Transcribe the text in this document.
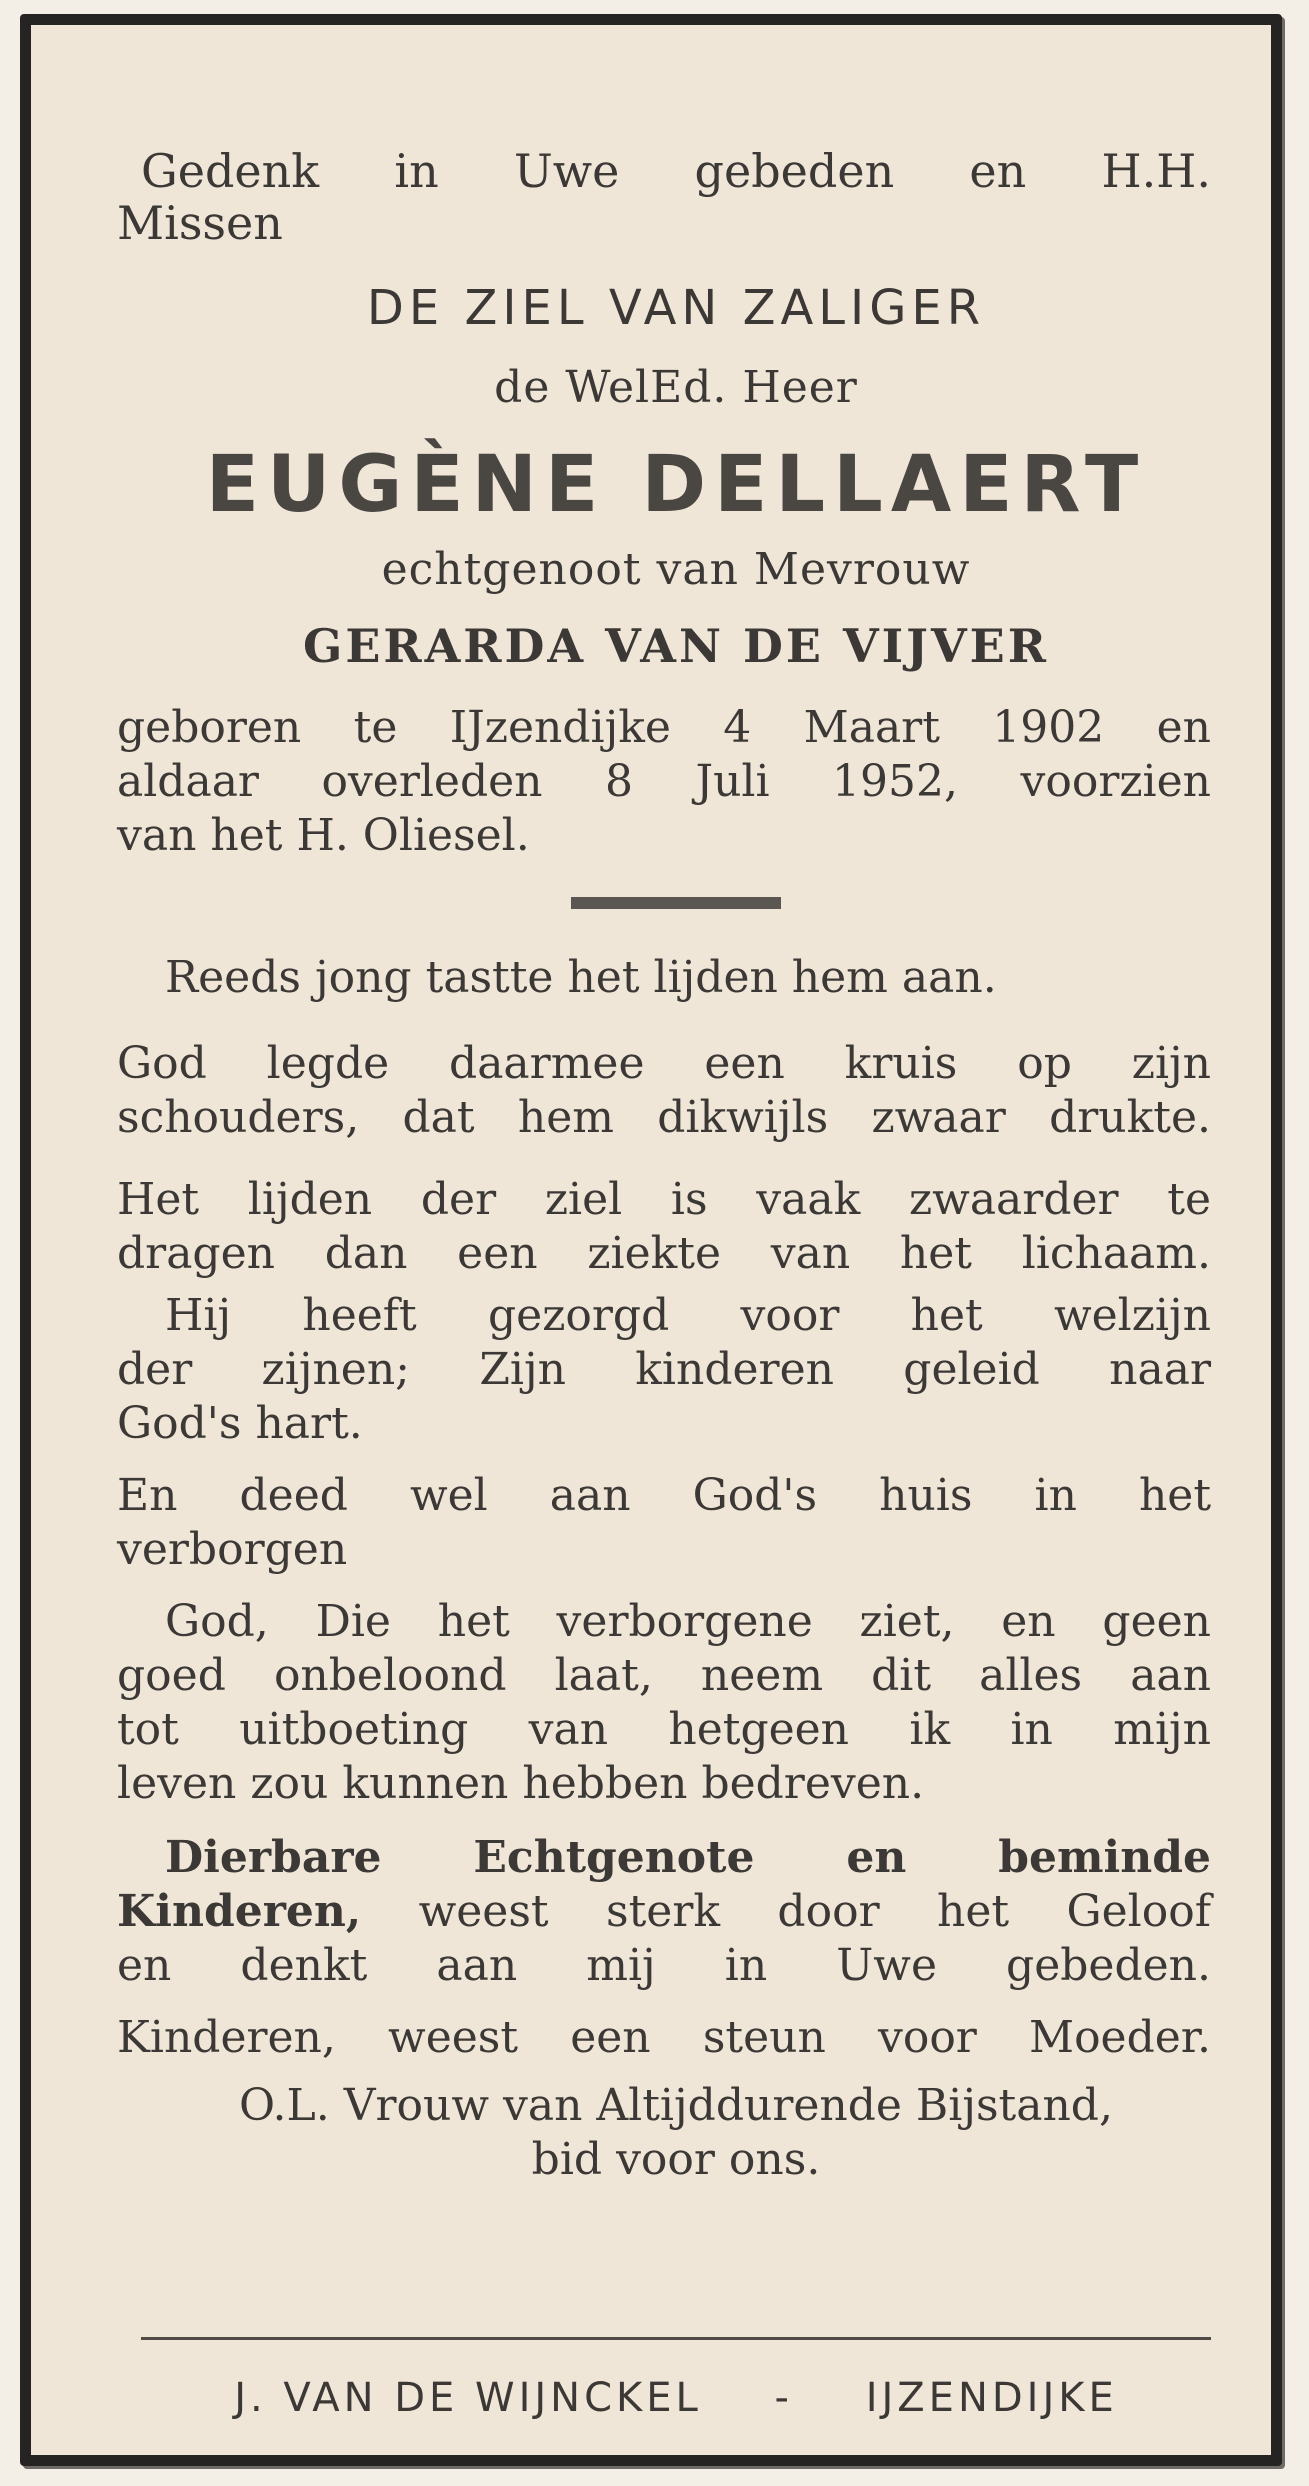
Gedenk in Uwe gebeden en H.H.
Missen
DE ZIEL VAN ZALIGER
de WelEd. Heer
EUGÈNE DELLAERT
echtgenoot van Mevrouw
GERARDA VAN DE VIJVER
geboren te IJzendijke 4 Maart 1902 en
aldaar overleden 8 Juli 1952, voorzien
van het H. Oliesel.
Reeds jong tastte het lijden hem aan.
God legde daarmee een kruis op zijn
schouders, dat hem dikwijls zwaar drukte.
Het lijden der ziel is vaak zwaarder te
dragen dan een ziekte van het lichaam.
Hij heeft gezorgd voor het welzijn
der zijnen; Zijn kinderen geleid naar
God's hart.
En deed wel aan God's huis in het
verborgen
God, Die het verborgene ziet, en geen
goed onbeloond laat, neem dit alles aan
tot uitboeting van hetgeen ik in mijn
leven zou kunnen hebben bedreven.
Dierbare Echtgenote en beminde
Kinderen, weest sterk door het Geloof
en denkt aan mij in Uwe gebeden.
Kinderen, weest een steun voor Moeder.
O.L. Vrouw van Altijddurende Bijstand,
bid voor ons.
J. VAN DE WIJNCKEL - IJZENDIJKE
